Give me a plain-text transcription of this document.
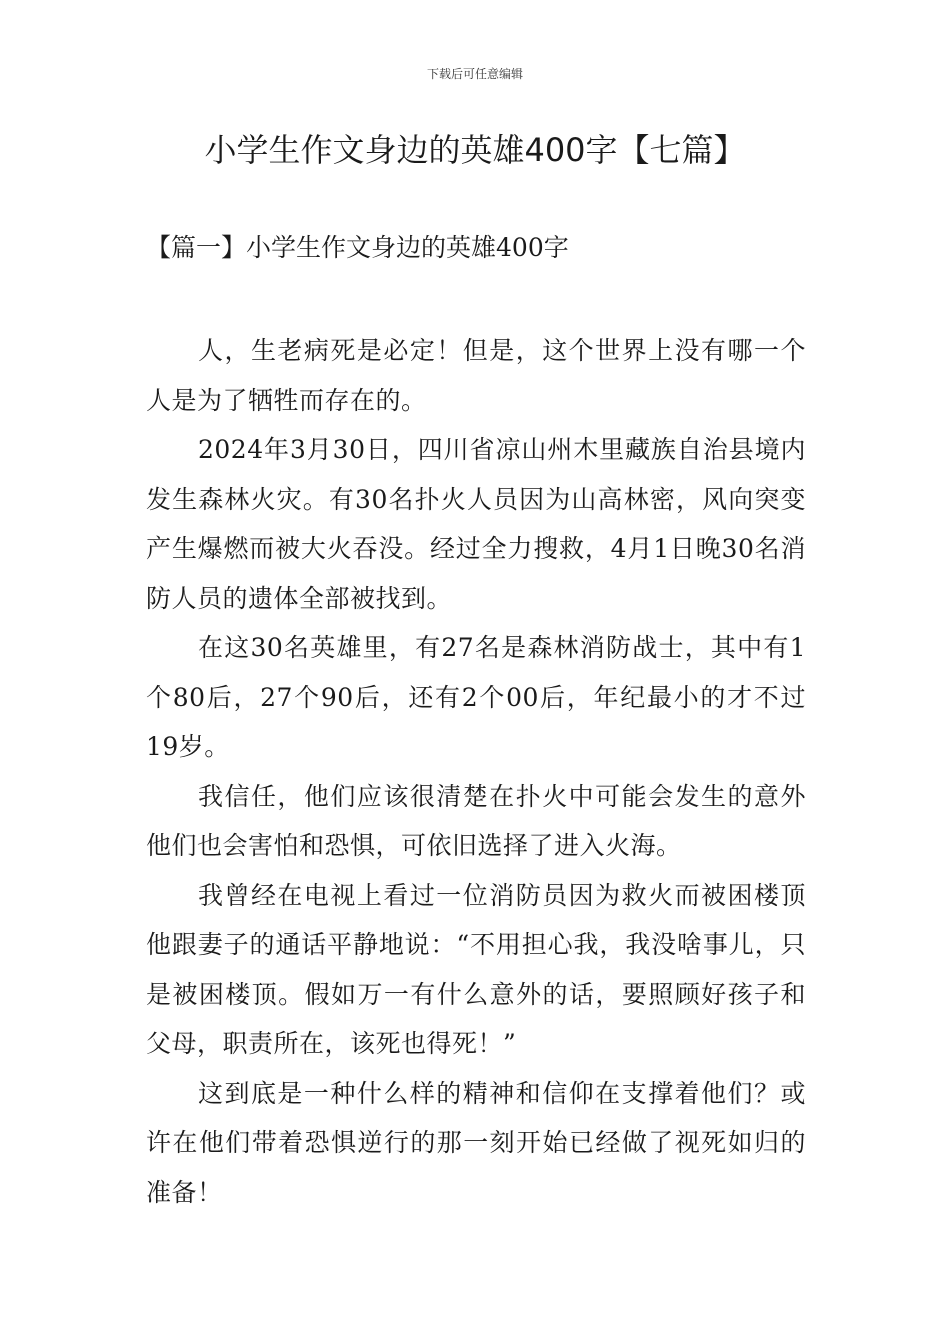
下载后可任意编辑
小学生作文身边的英雄400字【七篇】
【篇一】小学生作文身边的英雄400字

人，生老病死是必定！但是，这个世界上没有哪一个人是为了牺牲而存在的。

2024年3月30日，四川省凉山州木里藏族自治县境内发生森林火灾。有30名扑火人员因为山高林密，风向突变产生爆燃而被大火吞没。经过全力搜救，4月1日晚30名消防人员的遗体全部被找到。

在这30名英雄里，有27名是森林消防战士，其中有1个80后，27个90后，还有2个00后，年纪最小的才不过19岁。

我信任，他们应该很清楚在扑火中可能会发生的意外他们也会害怕和恐惧，可依旧选择了进入火海。

我曾经在电视上看过一位消防员因为救火而被困楼顶他跟妻子的通话平静地说：“不用担心我，我没啥事儿，只是被困楼顶。假如万一有什么意外的话，要照顾好孩子和父母，职责所在，该死也得死！”

这到底是一种什么样的精神和信仰在支撑着他们？或许在他们带着恐惧逆行的那一刻开始已经做了视死如归的准备！
